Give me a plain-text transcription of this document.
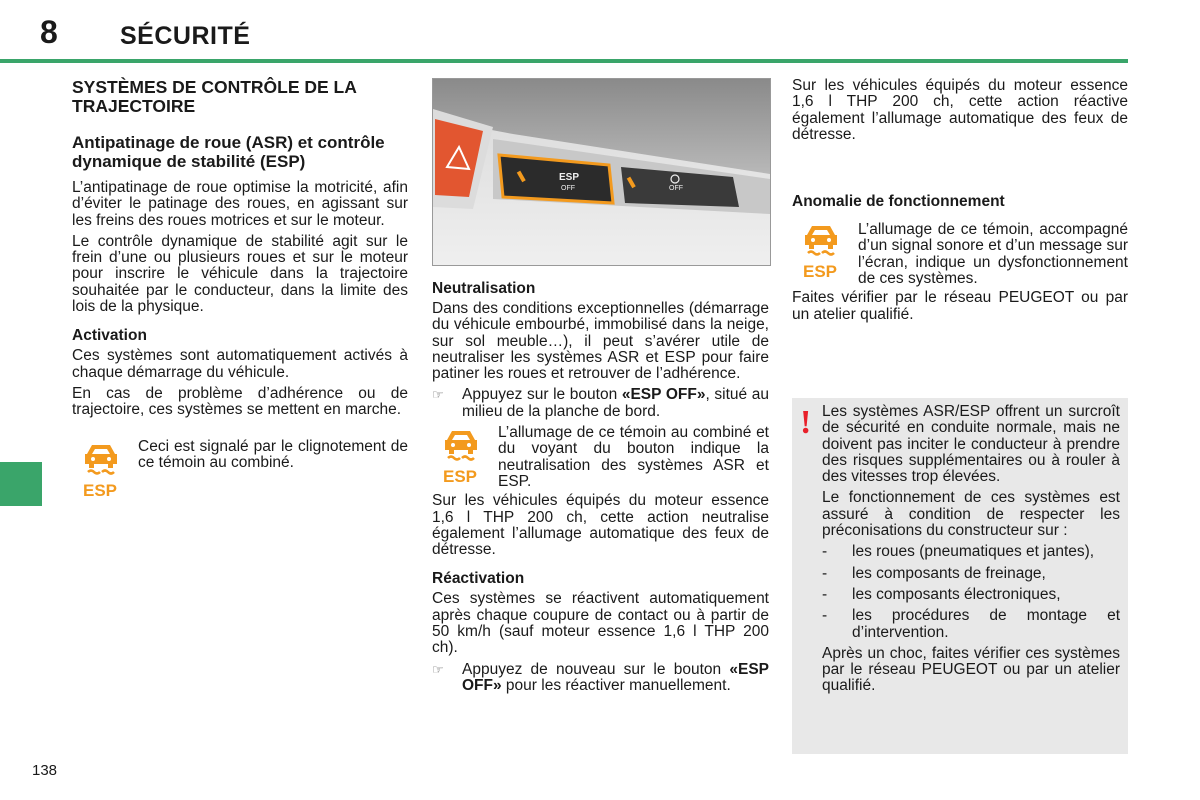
8 SÉCURITÉ
138
SYSTÈMES DE CONTRÔLE DE LA TRAJECTOIRE
Antipatinage de roue (ASR) et contrôle dynamique de stabilité (ESP)

L’antipatinage de roue optimise la motricité, afin d’éviter le patinage des roues, en agissant sur les freins des roues motrices et sur le moteur.

Le contrôle dynamique de stabilité agit sur le frein d’une ou plusieurs roues et sur le moteur pour inscrire le véhicule dans la trajectoire souhaitée par le conducteur, dans la limite des lois de la physique.

Activation

Ces systèmes sont automatiquement activés à chaque démarrage du véhicule.

En cas de problème d’adhérence ou de trajectoire, ces systèmes se mettent en marche.

ESP
Ceci est signalé par le clignotement de ce témoin au combiné.
ESP
OFF	OFF
Neutralisation

Dans des conditions exceptionnelles (démarrage du véhicule embourbé, immobilisé dans la neige, sur sol meuble…), il peut s’avérer utile de neutraliser les systèmes ASR et ESP pour faire patiner les roues et retrouver de l’adhérence.

☞	Appuyez sur le bouton «ESP OFF», situé au milieu de la planche de bord.
ESP
L’allumage de ce témoin au combiné et du voyant du bouton indique la neutralisation des systèmes ASR et ESP.

Sur les véhicules équipés du moteur essence 1,6 l THP 200 ch, cette action neutralise également l’allumage automatique des feux de détresse.

Réactivation

Ces systèmes se réactivent automatiquement après chaque coupure de contact ou à partir de 50 km/h (sauf moteur essence 1,6 l THP 200 ch).

☞	Appuyez de nouveau sur le bouton «ESP OFF» pour les réactiver manuellement.

Sur les véhicules équipés du moteur essence 1,6 l THP 200 ch, cette action réactive également l’allumage automatique des feux de détresse.

Anomalie de fonctionnement
ESP
L’allumage de ce témoin, accompagné d’un signal sonore et d’un message sur l’écran, indique un dysfonctionnement de ces systèmes.

Faites vérifier par le réseau PEUGEOT ou par un atelier qualifié.

! Les systèmes ASR/ESP offrent un surcroît de sécurité en conduite normale, mais ne doivent pas inciter le conducteur à prendre des risques supplémentaires ou à rouler à des vitesses trop élevées.

Le fonctionnement de ces systèmes est assuré à condition de respecter les préconisations du constructeur sur :

-	les roues (pneumatiques et jantes),
-	les composants de freinage,
-	les composants électroniques,
-	les procédures de montage et d’intervention.

Après un choc, faites vérifier ces systèmes par le réseau PEUGEOT ou par un atelier qualifié.
